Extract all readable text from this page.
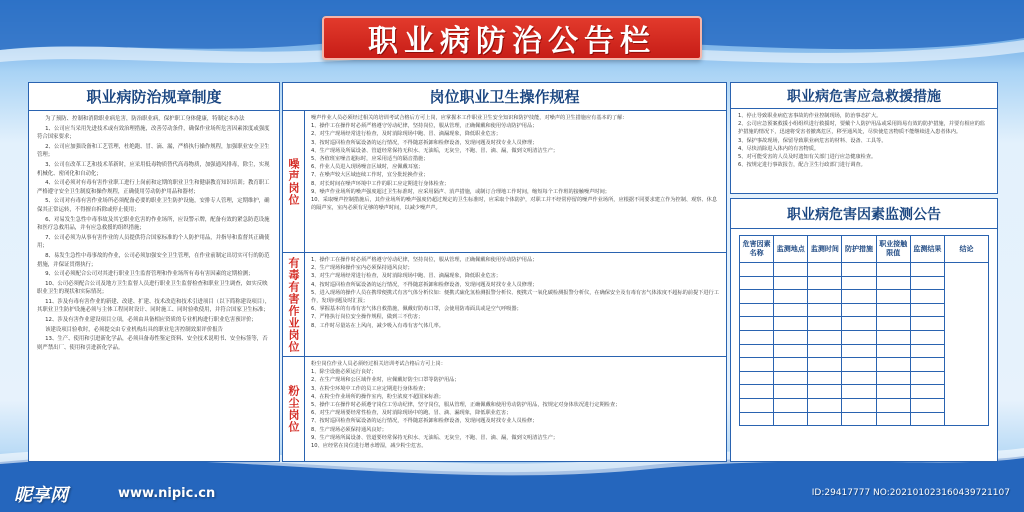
职业病防治公告栏
职业病防治规章制度

为了预防、控制和消除职业病危害，防治职业病，保护职工身体健康，特制定本办法

1、公司应当采用先进技术或有效治理措施，改善劳动条件，确保作业场所危害因素浓度或强度符合国家要求；

2、公司应加强设备和工艺管理，杜绝跑、冒、滴、漏，严格执行操作规程，加强职业安全卫生管理；

3、公司在改革工艺和技术革新时，应采用低毒物质替代高毒物质，加强通风排毒，除尘，实现机械化、密闭化和自动化；

4、公司必须对有毒有害作业职工进行上岗前和定期的职业卫生和健康教育知识培训；教育职工严格遵守安全卫生制度和操作规程，正确使用劳动防护用品和器材；

5、公司对有毒有害作业场所必须配备必要的职业卫生防护设施，安排专人管理，定期维护，确保其正常运转，不得擅自拆除或停止使用；

6、对易发生急性中毒事故及其它职业危害的作业场所，应设警示牌，配备有效的紧急防范设施和医疗急救用品，并有应急救援的组织措施；

7、公司必须为从事有害作业的人员提供符合国家标准的个人防护用品，并指导和监督其正确使用；

8、易发生急性中毒事故的作业，公司必须加强安全卫生管理，在作业前制定出切实可行的防范措施，并保证贯彻执行；

9、公司必须配合公司对其进行职业卫生监督管理和作业场所有毒有害因素的定期检测；

10、公司必须配合公司及地方卫生监督人员进行职业卫生监督检查和职业卫生调查，如实反映职业卫生的现状和实际情况；

11、涉及有毒有害作业的新建、改建、扩建、技术改造和技术引进项目（以下简称建设项目），其职业卫生防护设施必须与主体工程同时设计、同时施工、同时验收使用，并符合国家卫生标准；

12、涉及有害作业建设项目立项，必须由具备相应资质的专业机构进行职业危害预评价；

该建设项目验收时，必须提交由专业机构出具的职业危害控制效果评价报告

13、生产、使用和引进新化学品，必须具备毒性鉴定资料、安全技术说明书、安全标签等，否则严禁出厂、使用和引进新化学品。

岗位职业卫生操作规程
噪声岗位

噪声作业人员必须经过相关的培训考试合格后方可上岗，应掌握本工作职业卫生安全知识和防护技能，对噪声的卫生措施应有基本的了解：

1、操作工在操作时必须严格遵守劳动纪律，坚持岗位，服从管理，正确佩戴和使用劳动防护用品；

2、对生产现场经常进行检查，及时消除现场中跑、冒、滴漏现象，降低职业危害；

3、按时巡回检查所属设备的运行情况，不得随意拆卸和检修设备，发现问题及时找专业人员修理；

4、生产现场及所属设备、管道经常保持无积水、无油垢，无灰尘，不跑、冒、滴、漏，做到文明清洁生产；

5、各值班室噪音超标时，应采用适当的隔音措施；

6、作业人员进入现场噪音区域时，应佩戴耳塞；

7、在噪声较大区域连续工作时，宜分批轮换作业；

8、对长时间在噪声环境中工作的职工应定期进行身体检查；

9、噪声作业场所的噪声强度超过卫生标准时，应采用隔声、消声措施，或制订合理地工作时间，缩短每个工作班的接触噪声时间；

10、采取噪声控制措施后，其作业场所的噪声强度仍超过规定的卫生标准时，应采取个体防护，对职工并不经常停留的噪声作业场所，应根据不同要求建立作为控制、观察、休息的隔声室，室内必须有足够的噪声时间，以减少噪声声。

有毒有害作业岗位 1、操作工在操作时必须严格遵守劳动纪律，坚持岗位，服从管理，正确佩戴和使用劳动防护用品；

2、生产现场和操作室内必须保持通风良好；

3、对生产现场经常进行检查，及时消除现场中跑、冒、滴漏现象，降低职业危害；

4、按时巡回检查所属设备的运行情况，不得随意拆卸和检修设备，发现问题及时找专业人员修理；

5、进入现场的操作人员在携带便携式有害气体分析仪如：便携式硫化氢检测报警分析仪、便携式一氧化碳检测报警分析仪，在确保安全及有毒有害气体浓度不超标的前提下进行工作，发现问题及时汇报；

6、掌握基本的有毒有害气体自救措施，佩戴好防毒口罩，会使用防毒面具或是空气呼吸器；

7、严格执行岗位安全操作规程，做到三不伤害；

8、工作时尽量站在上风向，减少吸入有毒有害气体几率。

粉尘岗位

粉尘岗位作业人员必须经过相关培训考试合格后方可上岗：

1、除尘设施必须运行良好；

2、在生产现场和公区域作业时，应佩戴好防尘口罩等防护用品；

3、在粉尘环境中工作的员工应定期进行身体检查；

4、在粉尘作业场所的操作室内，粉尘浓度不超国家标准；

5、操作工在操作时必须遵守岗位工劳动纪律，坚守岗位，服从管理，正确佩戴和使用劳动防护用品，按规定对身体状况进行定期检查；

6、对生产现场要经常性检查，及时消除现场中的跑、冒、滴、漏现象，降低职业危害；

7、按时巡回检查所属设备的运行情况，不得随意拆卸和检修设备，发现问题及时找专业人员检修；

8、生产现场必须保持通风良好；

9、生产现场所属设备、管道要经常保持无积水、无油垢、无灰尘，不跑、冒、滴、漏，做到文明清洁生产；

10、应经常在岗位进行增水增湿，减少粉尘危害。

职业病危害应急救援措施

1、停止导致职业病危害事故的作业控制现场，防治事态扩大。

2、公司应急预案救援小组组织进行救援时，要戴个人防护用品或采用简易有效的防护措施，并要有相应的监护措施的情况下，迅速将受害者撤离危区，移至通风处，尽快使危害物质不能继续进入患者体内。

3、保护事故现场，保留导致职业病危害的材料、设备、工具等。

4、尽快消除进入体内的有害物质。

5、对可能受害的人员及时遗知有关部门进行应急健康检查。

6、按规定进行事故报告，配合卫生行政部门进行调查。

职业病危害因素监测公告
危害因素名称	监测地点	监测时间	防护措施	职业接触限值	监测结果	结论

昵享网	www.nipic.cn	ID:29417777 NO:20210102316043972110​7
